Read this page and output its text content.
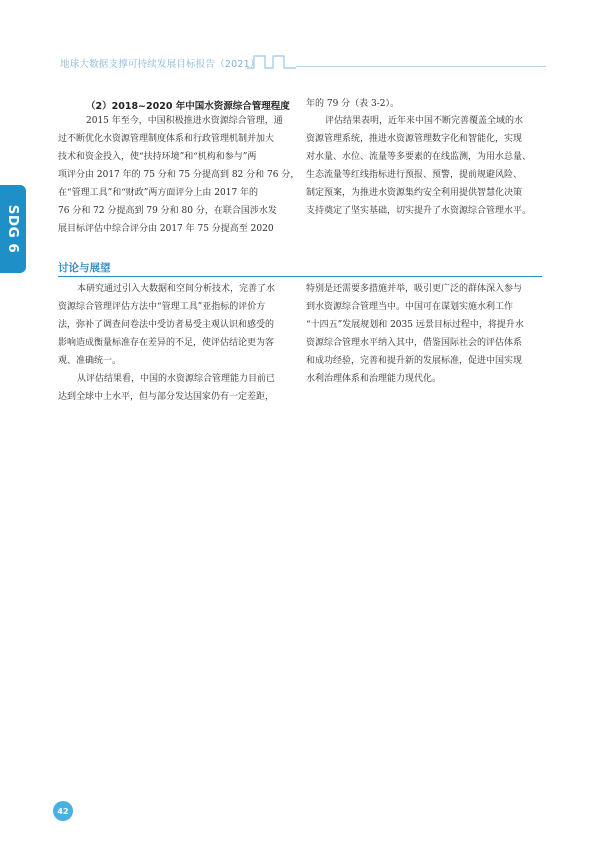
地球大数据支撑可持续发展目标报告（2021）
SDG 6
（2）2018~2020 年中国水资源综合管理程度
2015 年至今，中国积极推进水资源综合管理，通
过不断优化水资源管理制度体系和行政管理机制并加大
技术和资金投入，使“扶持环境”和“机构和参与”两
项评分由 2017 年的 75 分和 75 分提高到 82 分和 76 分，
在“管理工具”和“财政”两方面评分上由 2017 年的
76 分和 72 分提高到 79 分和 80 分，在联合国涉水发
展目标评估中综合评分由 2017 年 75 分提高至 2020
年的 79 分（表 3-2）。
评估结果表明，近年来中国不断完善覆盖全域的水
资源管理系统，推进水资源管理数字化和智能化，实现
对水量、水位、流量等多要素的在线监测，为用水总量、
生态流量等红线指标进行预报、预警，提前规避风险、
制定预案，为推进水资源集约安全利用提供智慧化决策
支持奠定了坚实基础，切实提升了水资源综合管理水平。
讨论与展望
本研究通过引入大数据和空间分析技术，完善了水
资源综合管理评估方法中“管理工具”亚指标的评价方
法，弥补了调查问卷法中受访者易受主观认识和感受的
影响造成衡量标准存在差异的不足，使评估结论更为客
观、准确统一。
从评估结果看，中国的水资源综合管理能力目前已
达到全球中上水平，但与部分发达国家仍有一定差距，
特别是还需要多措施并举，吸引更广泛的群体深入参与
到水资源综合管理当中。中国可在谋划实施水利工作
“十四五”发展规划和 2035 远景目标过程中，将提升水
资源综合管理水平纳入其中，借鉴国际社会的评估体系
和成功经验，完善和提升新的发展标准，促进中国实现
水利治理体系和治理能力现代化。
42
